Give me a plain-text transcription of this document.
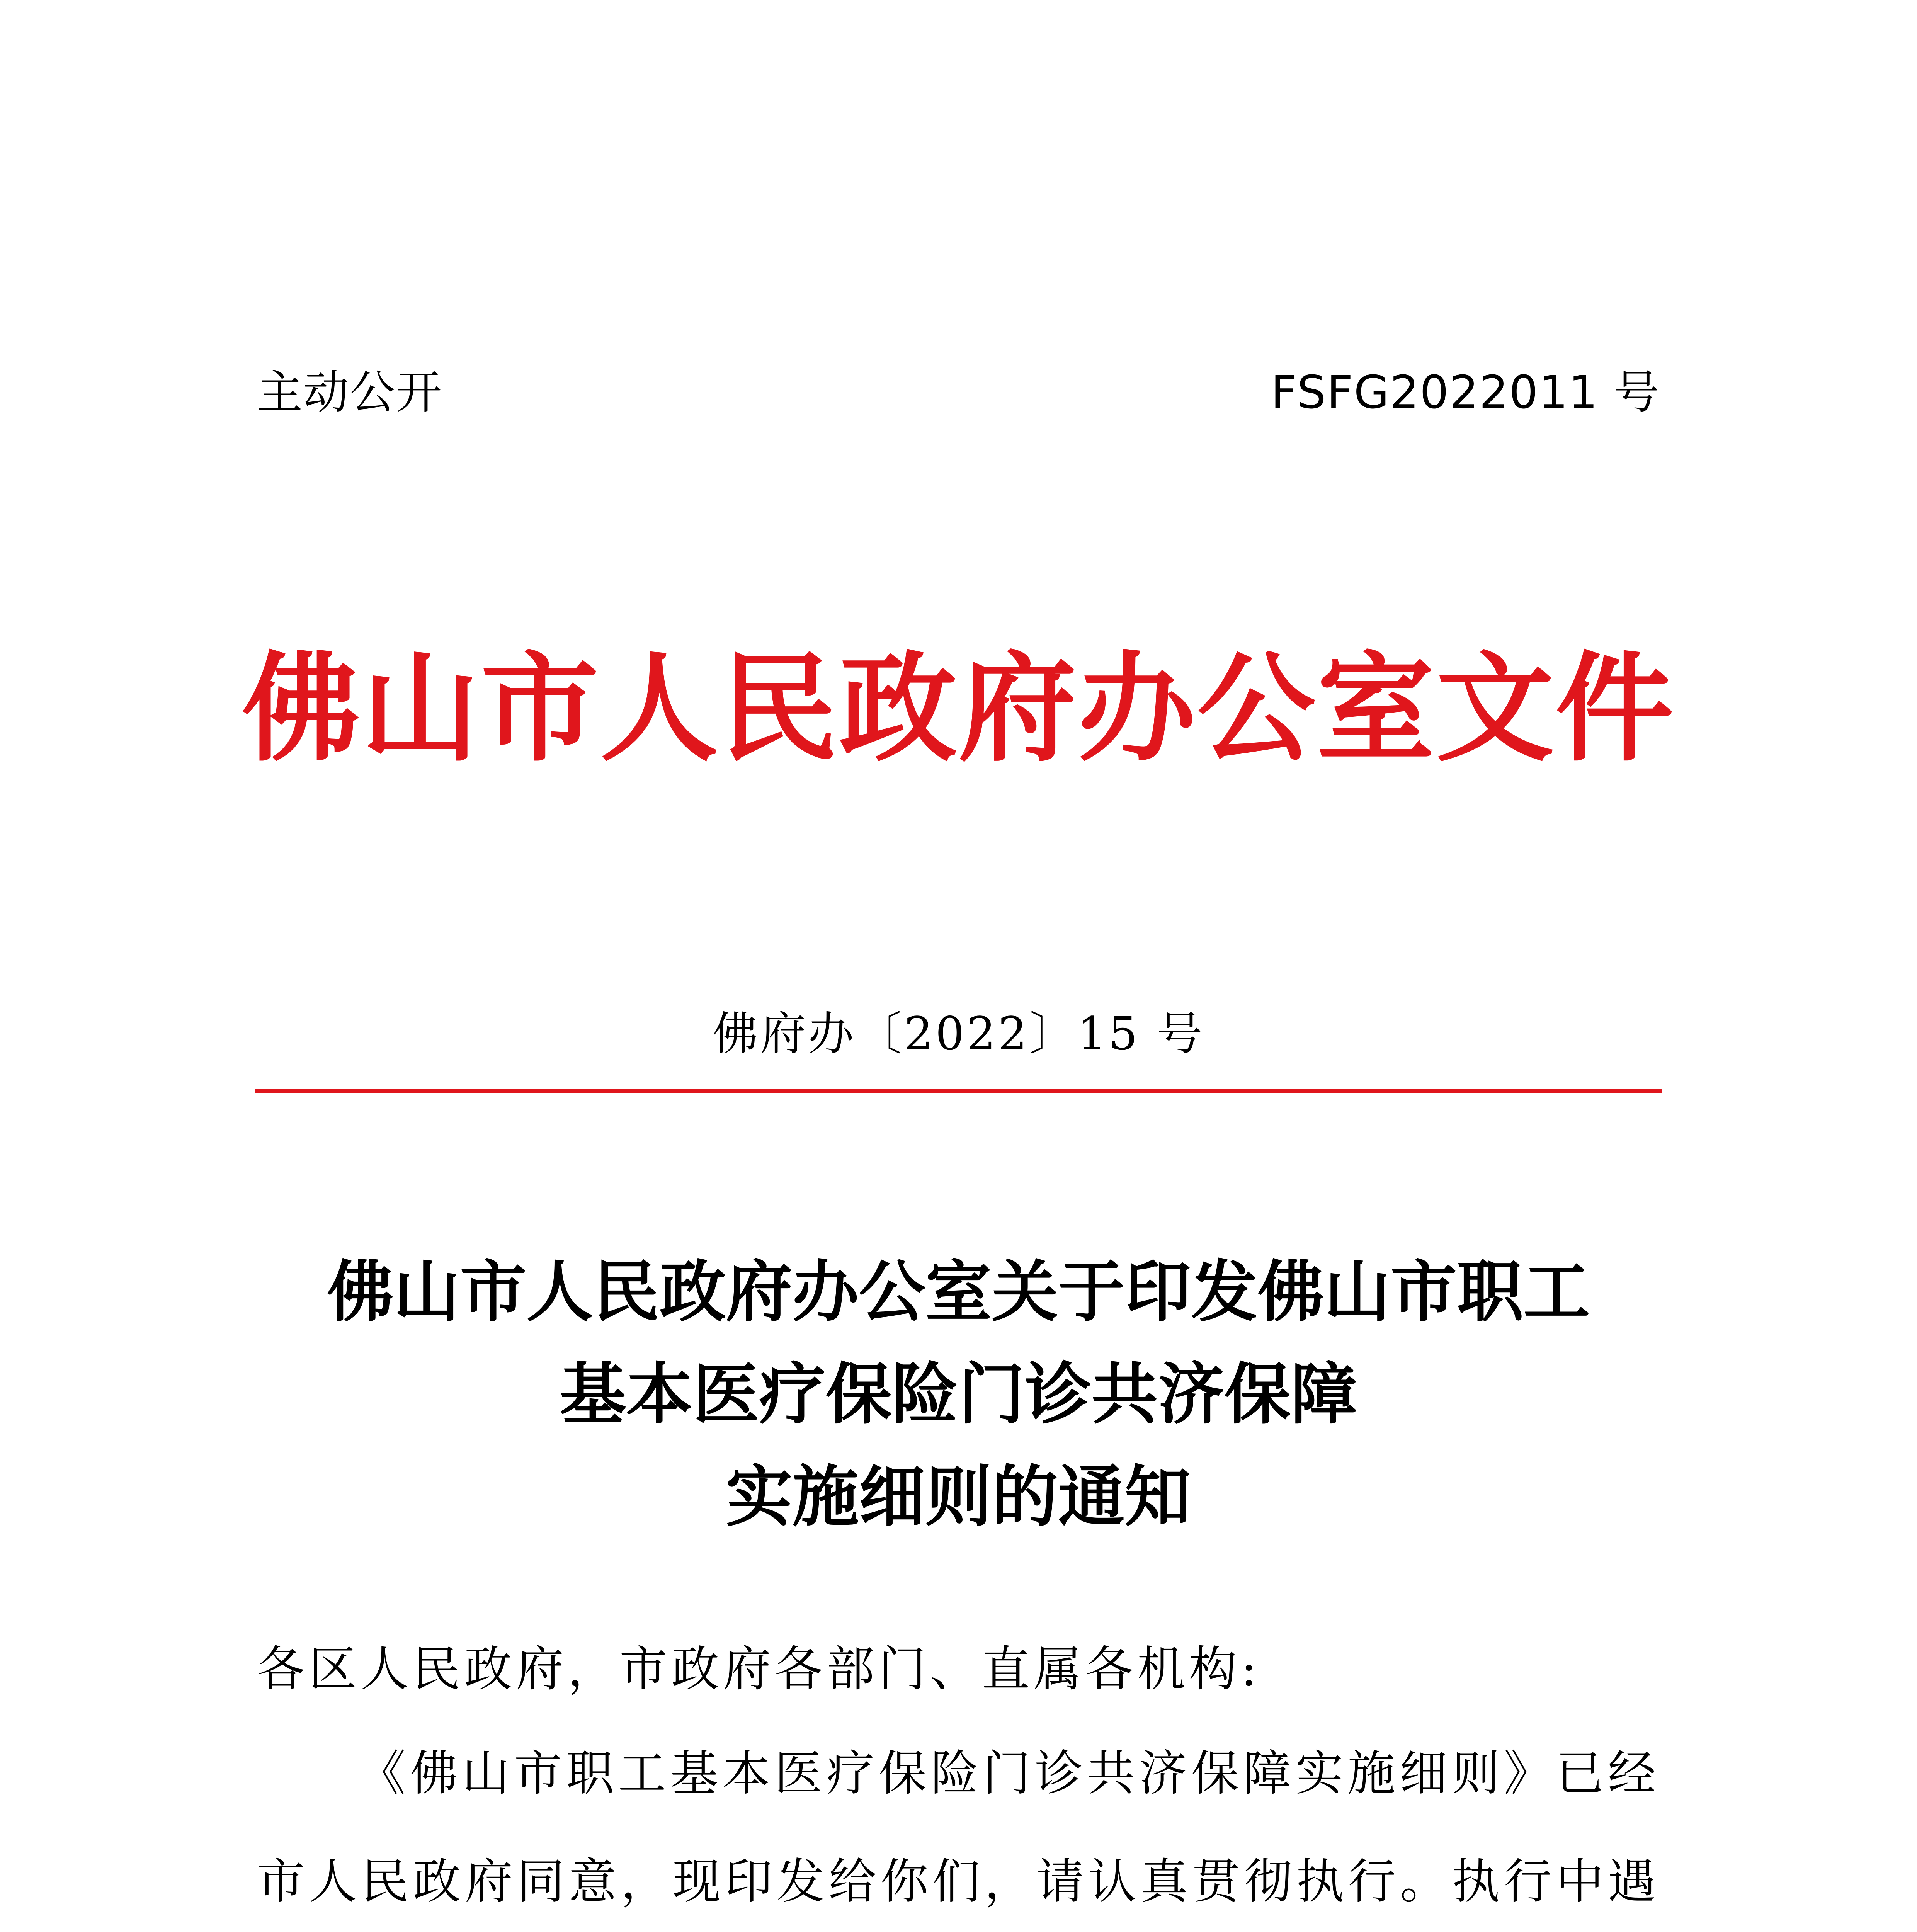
主动公开	FSFG2022011 号
佛山市人民政府办公室文件
佛府办〔2022〕15 号
佛山市人民政府办公室关于印发佛山市职工
基本医疗保险门诊共济保障
实施细则的通知
各区人民政府，市政府各部门、直属各机构:
《佛山市职工基本医疗保险门诊共济保障实施细则》已经市人民政府同意，现印发给你们，请认真贯彻执行。执行中遇
